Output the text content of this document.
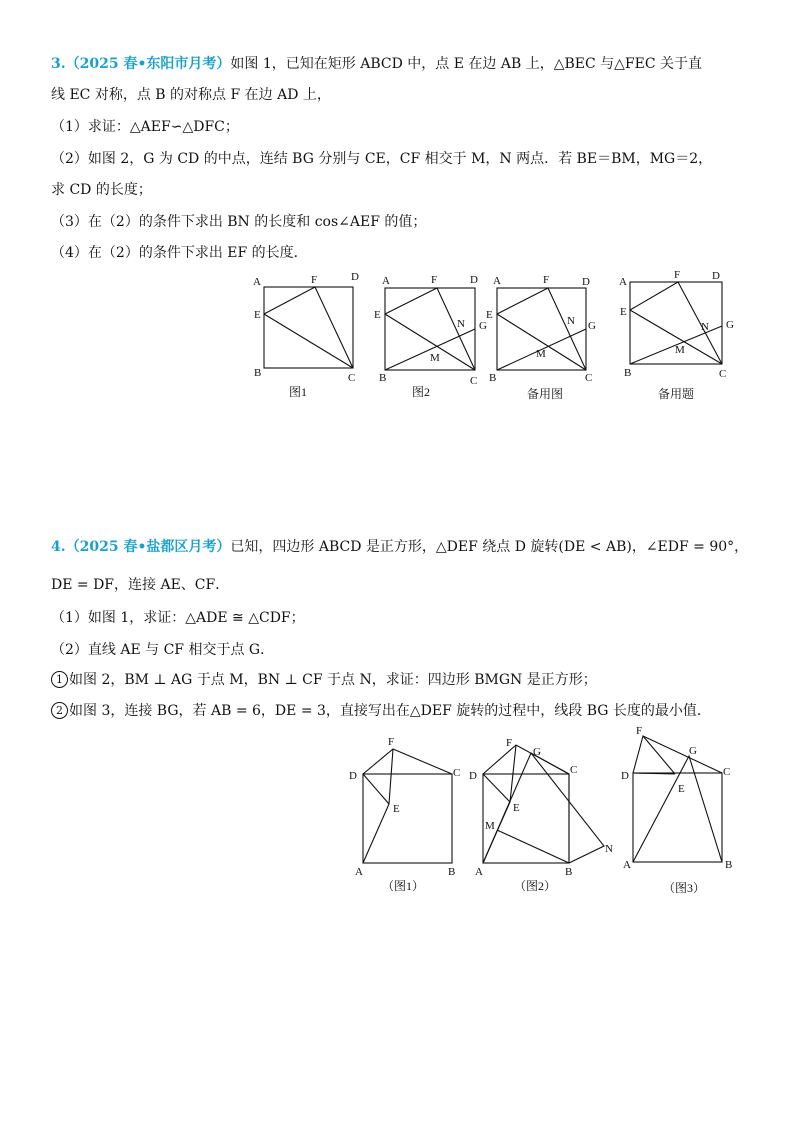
3.（2025 春•东阳市月考）如图 1，已知在矩形 ABCD 中，点 E 在边 AB 上，△BEC 与△FEC 关于直
线 EC 对称，点 B 的对称点 F 在边 AD 上，
（1）求证：△AEF∽△DFC；
（2）如图 2，G 为 CD 的中点，连结 BG 分别与 CE，CF 相交于 M，N 两点．若 BE＝BM，MG＝2，
求 CD 的长度；
（3）在（2）的条件下求出 BN 的长度和 cos∠AEF 的值；
（4）在（2）的条件下求出 EF 的长度．
A	F	D
E
B	C
图1
A	F	D
E
N G
M
B	C
图2
A	F	D
E	N G
M
B	C
备用图
A
F	D
E
N G
M
B	C
备用题
4.（2025 春•盐都区月考）已知，四边形 ABCD 是正方形，△DEF 绕点 D 旋转(DE < AB)，∠EDF = 90°，
DE = DF，连接 AE、CF．
（1）如图 1，求证：△ADE ≅ △CDF；
（2）直线 AE 与 CF 相交于点 G．
1 如图 2，BM ⊥ AG 于点 M，BN ⊥ CF 于点 N，求证：四边形 BMGN 是正方形；
2 如图 3，连接 BG，若 AB = 6，DE = 3，直接写出在△DEF 旋转的过程中，线段 BG 长度的最小值．
F
D	C
E
A	B
（图1）
F
G
D	C
E
M
N
A	B
（图2）
F
G
D	C
E
A	B
（图3）
